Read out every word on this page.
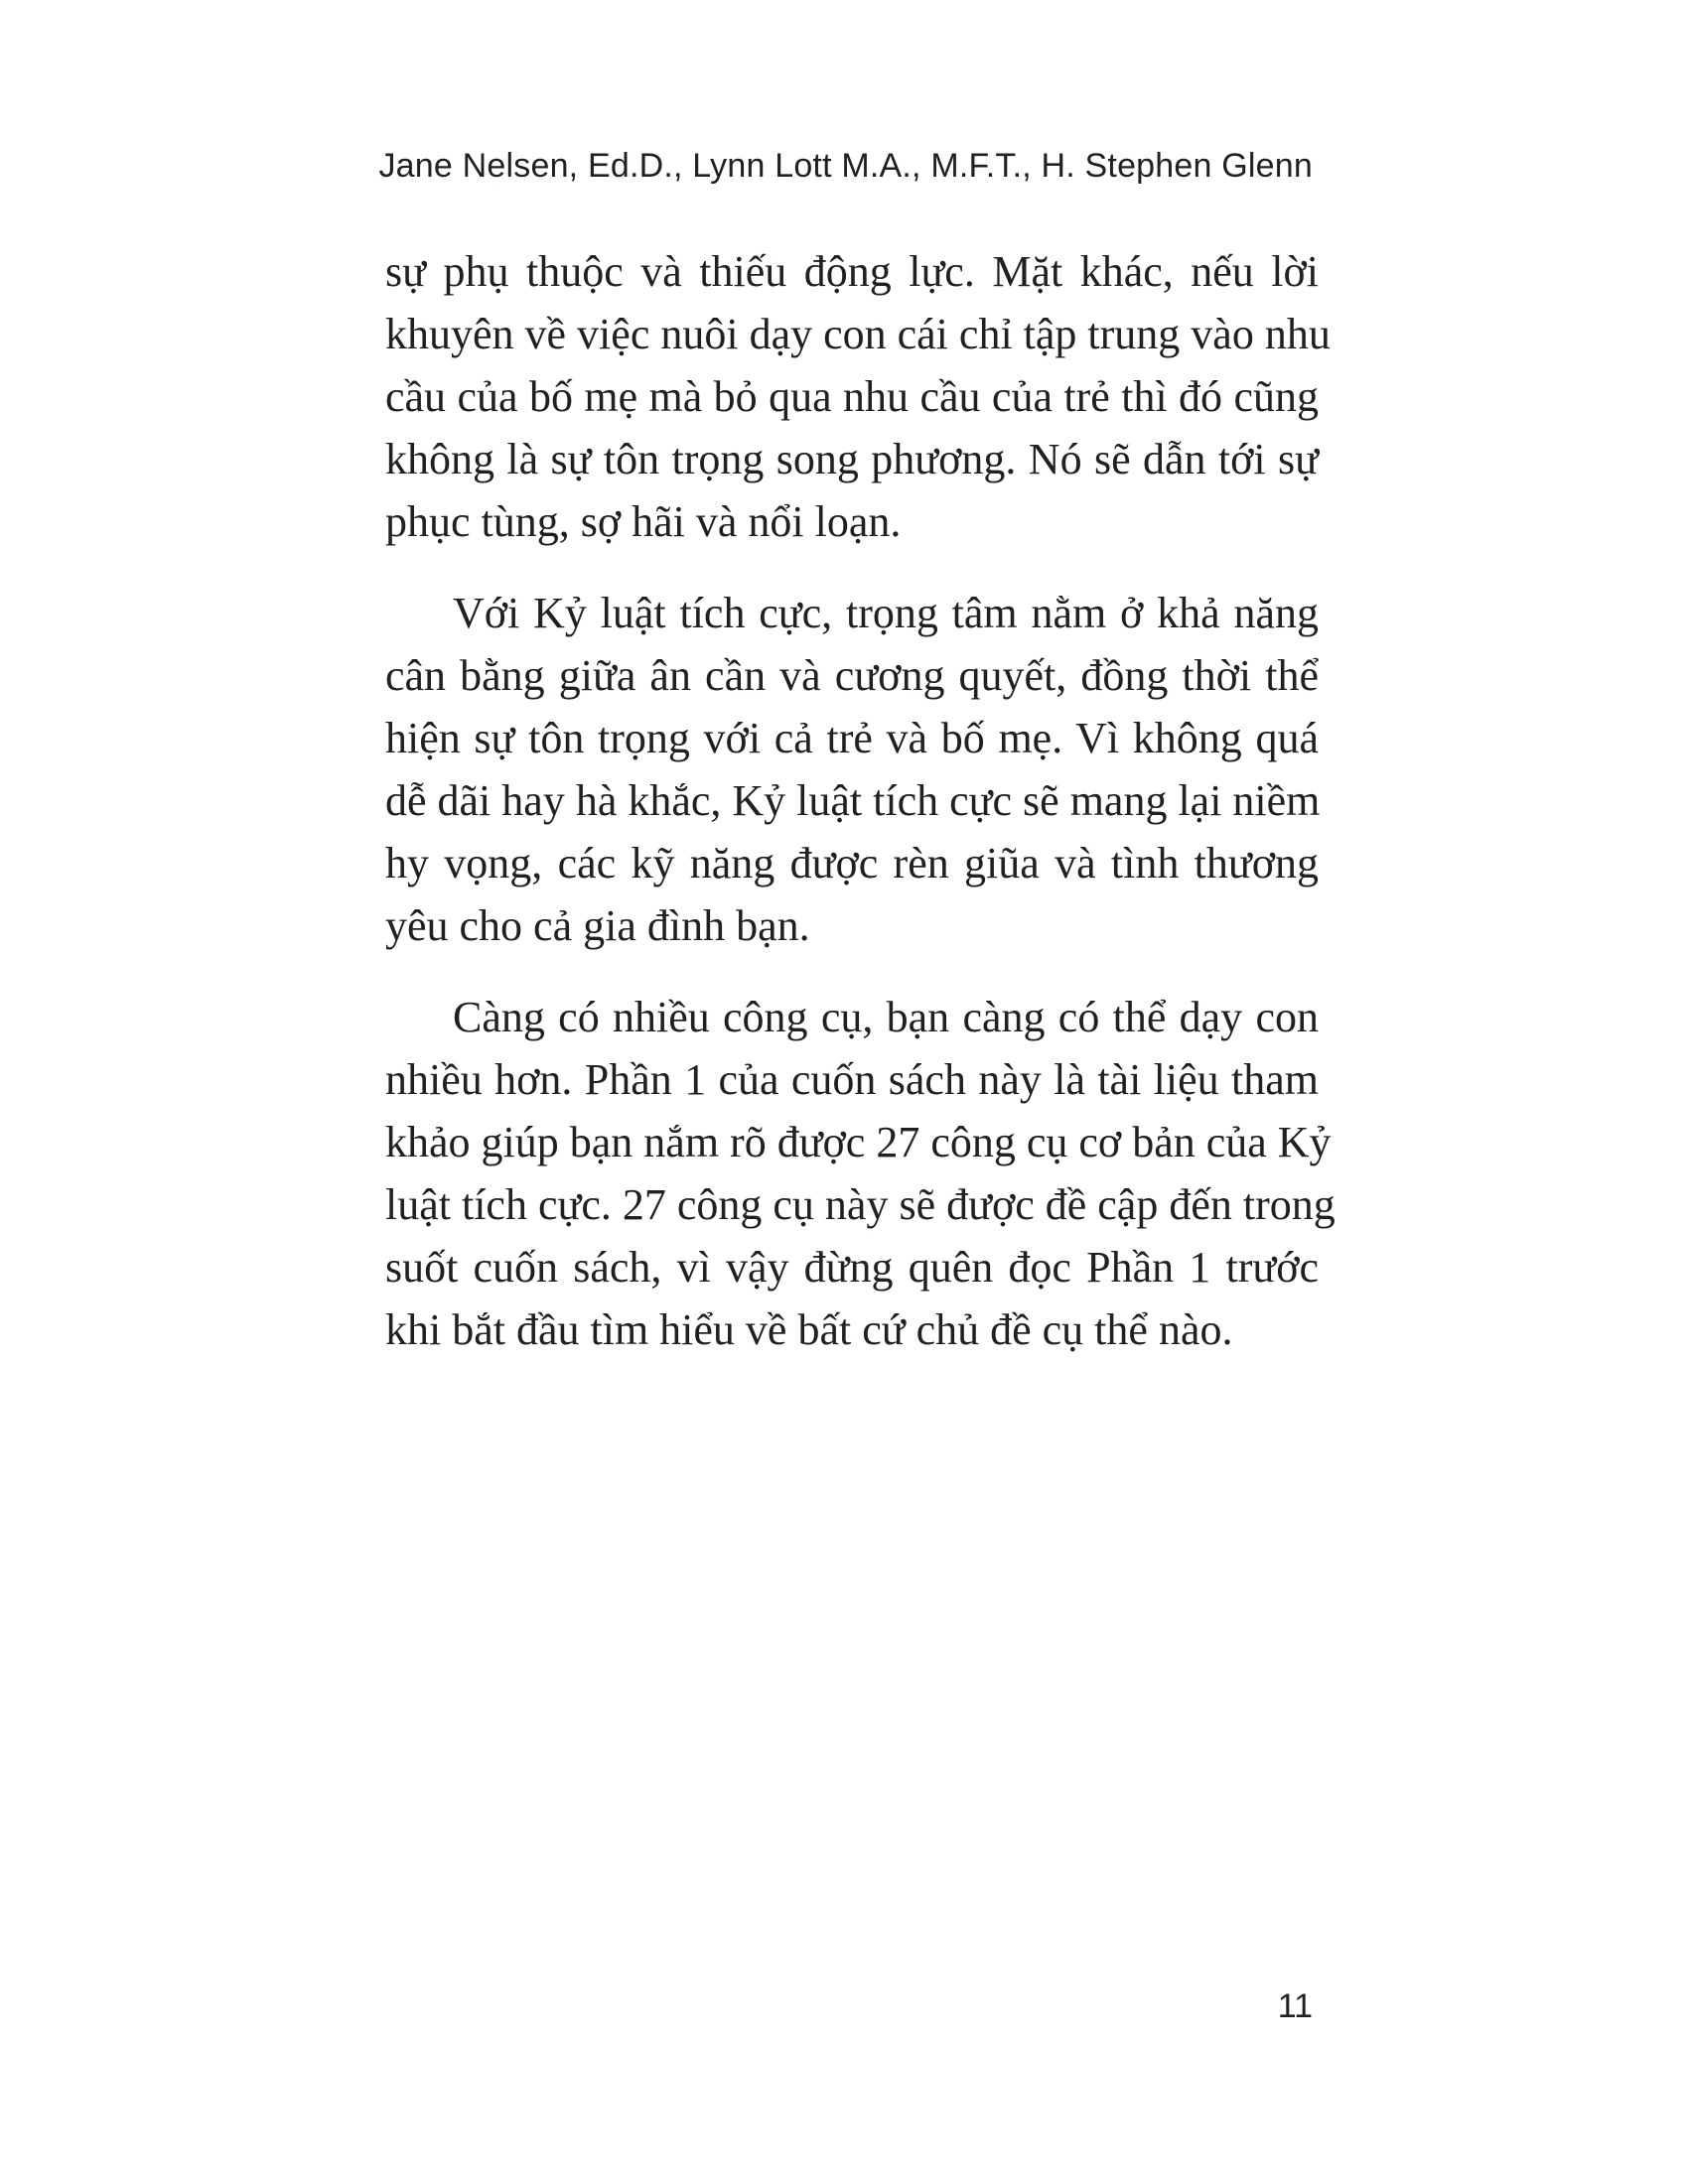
Jane Nelsen, Ed.D., Lynn Lott M.A., M.F.T., H. Stephen Glenn

sự phụ thuộc và thiếu động lực. Mặt khác, nếu lời
khuyên về việc nuôi dạy con cái chỉ tập trung vào nhu
cầu của bố mẹ mà bỏ qua nhu cầu của trẻ thì đó cũng
không là sự tôn trọng song phương. Nó sẽ dẫn tới sự
phục tùng, sợ hãi và nổi loạn.

Với Kỷ luật tích cực, trọng tâm nằm ở khả năng
cân bằng giữa ân cần và cương quyết, đồng thời thể
hiện sự tôn trọng với cả trẻ và bố mẹ. Vì không quá
dễ dãi hay hà khắc, Kỷ luật tích cực sẽ mang lại niềm
hy vọng, các kỹ năng được rèn giũa và tình thương
yêu cho cả gia đình bạn.

Càng có nhiều công cụ, bạn càng có thể dạy con
nhiều hơn. Phần 1 của cuốn sách này là tài liệu tham
khảo giúp bạn nắm rõ được 27 công cụ cơ bản của Kỷ
luật tích cực. 27 công cụ này sẽ được đề cập đến trong
suốt cuốn sách, vì vậy đừng quên đọc Phần 1 trước
khi bắt đầu tìm hiểu về bất cứ chủ đề cụ thể nào.

11
